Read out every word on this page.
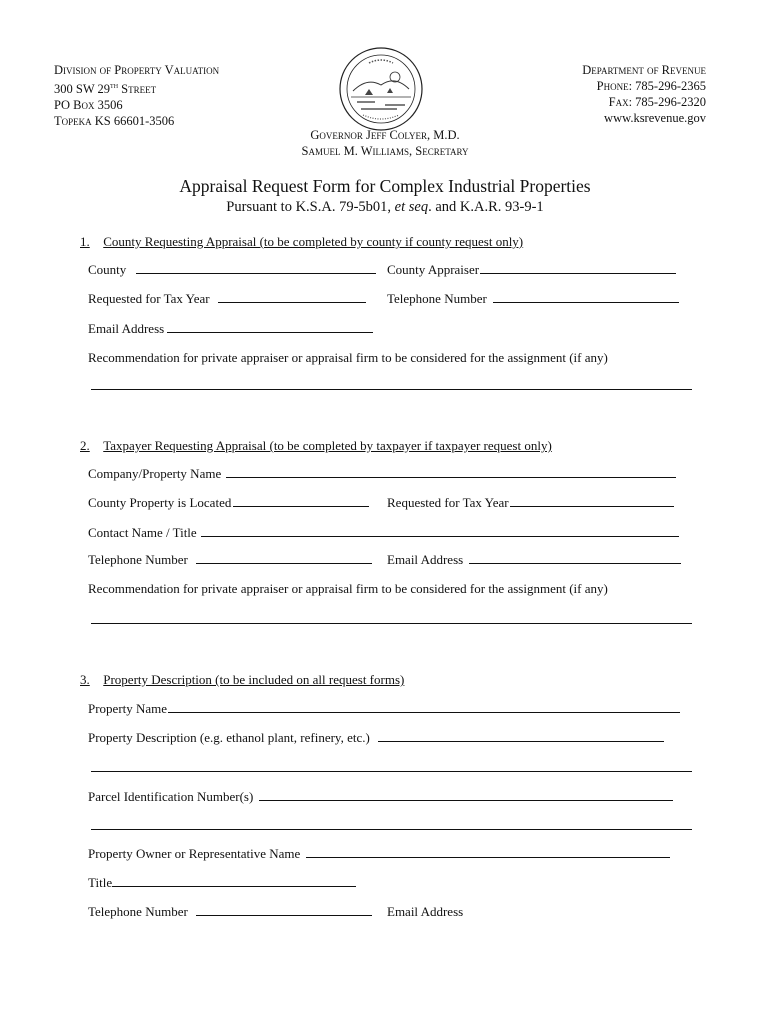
Division of Property Valuation
300 SW 29th Street
PO Box 3506
Topeka KS 66601-3506
Department of Revenue
Phone: 785-296-2365
Fax: 785-296-2320
www.ksrevenue.gov
Governor Jeff Colyer, M.D.
Samuel M. Williams, Secretary
Appraisal Request Form for Complex Industrial Properties
Pursuant to K.S.A. 79-5b01, et seq. and K.A.R. 93-9-1
1. County Requesting Appraisal (to be completed by county if county request only)
County	County Appraiser
Requested for Tax Year	Telephone Number
Email Address
Recommendation for private appraiser or appraisal firm to be considered for the assignment (if any)
2. Taxpayer Requesting Appraisal (to be completed by taxpayer if taxpayer request only)
Company/Property Name
County Property is Located	Requested for Tax Year
Contact Name / Title
Telephone Number	Email Address
Recommendation for private appraiser or appraisal firm to be considered for the assignment (if any)
3. Property Description (to be included on all request forms)
Property Name
Property Description (e.g. ethanol plant, refinery, etc.)
Parcel Identification Number(s)
Property Owner or Representative Name
Title
Telephone Number	Email Address
